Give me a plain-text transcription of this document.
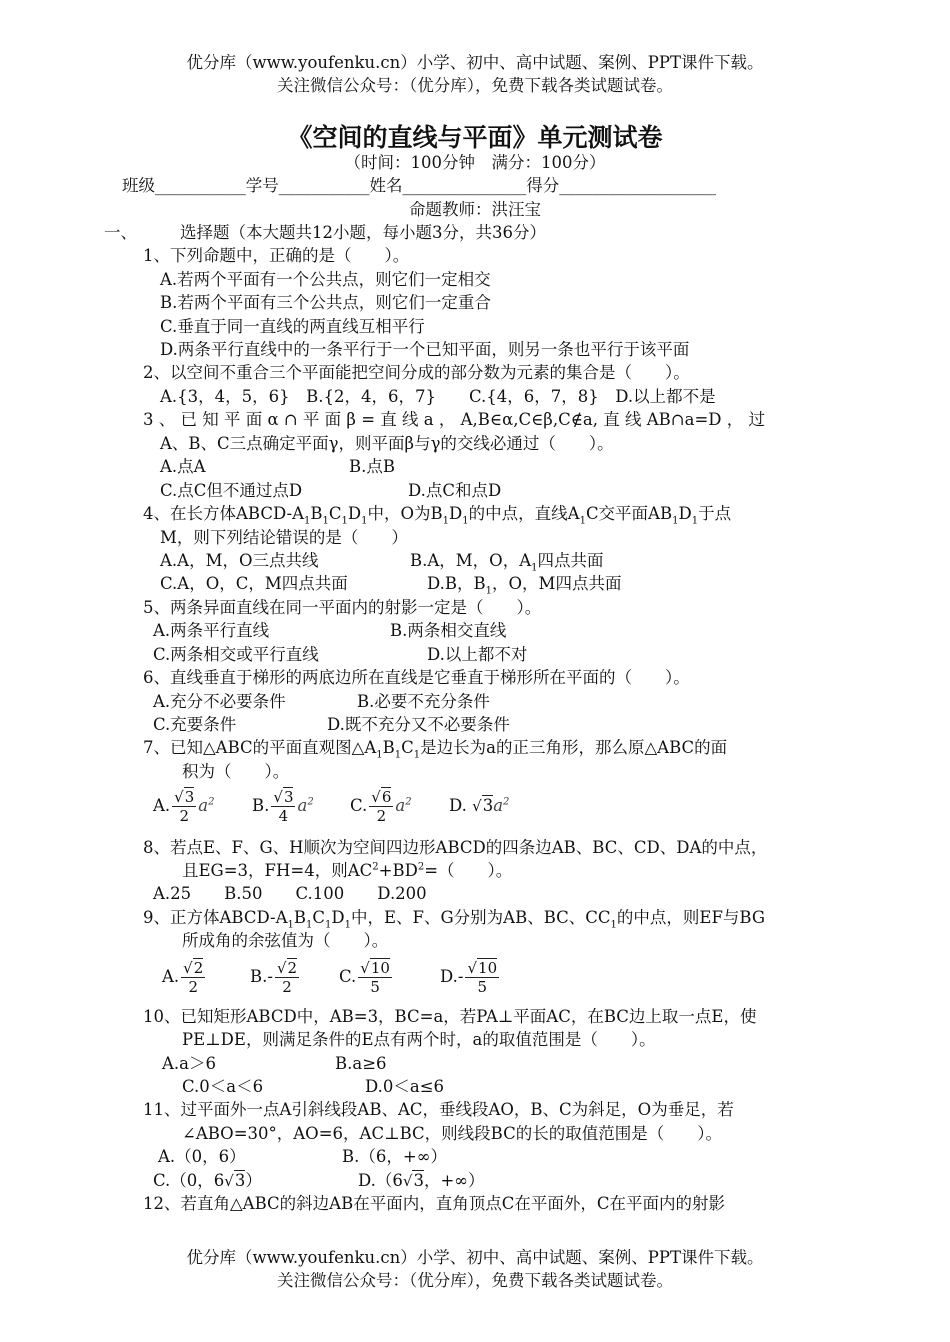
优分库（www.youfenku.cn）小学、初中、高中试题、案例、PPT课件下载。
关注微信公众号：（优分库），免费下载各类试题试卷。
《空间的直线与平面》单元测试卷
（时间：100分钟　满分：100分）
班级___________学号___________姓名_______________得分___________________
命题教师：洪汪宝
一、	选择题（本大题共12小题，每小题3分，共36分）
1、下列命题中，正确的是（　　）。
A.若两个平面有一个公共点，则它们一定相交
B.若两个平面有三个公共点，则它们一定重合
C.垂直于同一直线的两直线互相平行
D.两条平行直线中的一条平行于一个已知平面，则另一条也平行于该平面
2、以空间不重合三个平面能把空间分成的部分数为元素的集合是（　　）。
A.{3，4，5，6}　B.{2，4，6，7}　　C.{4，6，7，8}　D.以上都不是
3 、 已 知 平 面 α ∩ 平 面 β = 直 线 a ， A,B∈α,C∈β,C∉a, 直 线 AB∩a=D ， 过
A、B、C三点确定平面γ，则平面β与γ的交线必通过（　　）。
A.点A	B.点B
C.点C但不通过点D	D.点C和点D
4、在长方体ABCD-$A_1B_1C_1D_1$中，O为$B_1D_1$的中点，直线$A_1C$交平面$AB_1D_1$于点
M，则下列结论错误的是（　　）
A.A，M，O三点共线	B.A，M，O，$A_1$四点共面
C.A，O，C，M四点共面	D.B，$B_1$，O，M四点共面
5、两条异面直线在同一平面内的射影一定是（　　）。
A.两条平行直线	B.两条相交直线
C.两条相交或平行直线	D.以上都不对
6、直线垂直于梯形的两底边所在直线是它垂直于梯形所在平面的（　　）。
A.充分不必要条件	B.必要不充分条件
C.充要条件	D.既不充分又不必要条件
7、已知△ABC的平面直观图$\triangle A_1B_1C_1$是边长为a的正三角形，那么原△ABC的面
积为（　　）。
A. $\frac{√3}{2} a^2$ B. $\frac{√3}{4} a^2$ C. $\frac{√6}{2} a^2$ D. $√3a^2$
8、若点E、F、G、H顺次为空间四边形ABCD的四条边AB、BC、CD、DA的中点，
且EG=3，FH=4，则$AC^2+BD^2=$（　　）。
A.25　　B.50　　C.100　　D.200
9、正方体ABCD-$A_1B_1C_1D_1$中，E、F、G分别为AB、BC、$CC_1$的中点，则EF与BG
所成角的余弦值为（　　）。
A. $\frac{√2}{2}$	$B.- \frac{√2}{2} C$. $\frac{√10}{5}$	$D.- \frac{√10}{5}$
10、已知矩形ABCD中，AB=3，BC=a，若PA⊥平面AC，在BC边上取一点E，使
PE⊥DE，则满足条件的E点有两个时，a的取值范围是（　　）。
A.a＞6	B.a≥6
C.0＜a＜6	D.0＜a≤6
11、过平面外一点A引斜线段AB、AC，垂线段AO，B、C为斜足，O为垂足，若
∠ABO=30°，AO=6，AC⊥BC，则线段BC的长的取值范围是（　　）。
A.（0，6）	B.（6，+∞）
C.（0，6√3）	D.（6√3，+∞）
12、若直角△ABC的斜边AB在平面内，直角顶点C在平面外，C在平面内的射影
优分库（www.youfenku.cn）小学、初中、高中试题、案例、PPT课件下载。
关注微信公众号：（优分库），免费下载各类试题试卷。
